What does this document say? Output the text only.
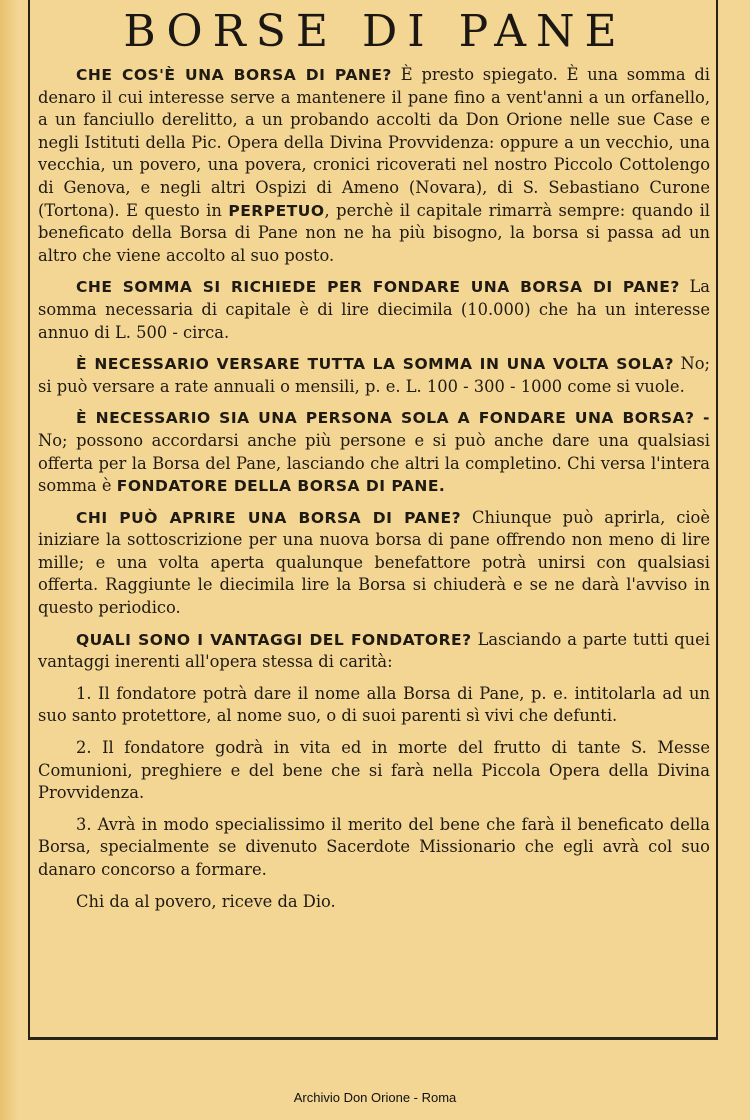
BORSE DI PANE

CHE COS'È UNA BORSA DI PANE? È presto spiegato. È una somma di denaro il cui interesse serve a mantenere il pane fino a vent'anni a un orfanello, a un fanciullo derelitto, a un probando accolti da Don Orione nelle sue Case e negli Istituti della Pic. Opera della Divina Provvidenza: oppure a un vecchio, una vecchia, un povero, una povera, cronici ricoverati nel nostro Piccolo Cottolengo di Genova, e negli altri Ospizi di Ameno (Novara), di S. Sebastiano Curone (Tortona). E questo in PERPETUO, perchè il capitale rimarrà sempre: quando il beneficato della Borsa di Pane non ne ha più bisogno, la borsa si passa ad un altro che viene accolto al suo posto.

CHE SOMMA SI RICHIEDE PER FONDARE UNA BORSA DI PANE? La somma necessaria di capitale è di lire diecimila (10.000) che ha un interesse annuo di L. 500 - circa.

È NECESSARIO VERSARE TUTTA LA SOMMA IN UNA VOLTA SOLA? No; si può versare a rate annuali o mensili, p. e. L. 100 - 300 - 1000 come si vuole.

È NECESSARIO SIA UNA PERSONA SOLA A FONDARE UNA BORSA? - No; possono accordarsi anche più persone e si può anche dare una qualsiasi offerta per la Borsa del Pane, lasciando che altri la completino. Chi versa l'intera somma è FONDATORE DELLA BORSA DI PANE.

CHI PUÒ APRIRE UNA BORSA DI PANE? Chiunque può aprirla, cioè iniziare la sottoscrizione per una nuova borsa di pane offrendo non meno di lire mille; e una volta aperta qualunque benefattore potrà unirsi con qualsiasi offerta. Raggiunte le diecimila lire la Borsa si chiuderà e se ne darà l'avviso in questo periodico.

QUALI SONO I VANTAGGI DEL FONDATORE? Lasciando a parte tutti quei vantaggi inerenti all'opera stessa di carità:

1. Il fondatore potrà dare il nome alla Borsa di Pane, p. e. intitolarla ad un suo santo protettore, al nome suo, o di suoi parenti sì vivi che defunti.

2. Il fondatore godrà in vita ed in morte del frutto di tante S. Messe Comunioni, preghiere e del bene che si farà nella Piccola Opera della Divina Provvidenza.

3. Avrà in modo specialissimo il merito del bene che farà il beneficato della Borsa, specialmente se divenuto Sacerdote Missionario che egli avrà col suo danaro concorso a formare.

Chi da al povero, riceve da Dio.

Archivio Don Orione - Roma
